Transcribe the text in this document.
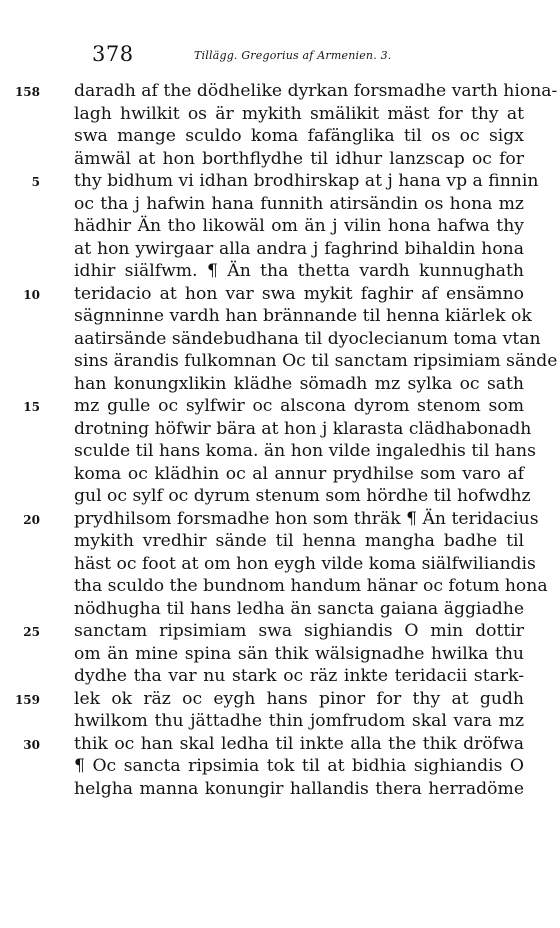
378	Tillägg. Gregorius af Armenien. 3.
158 daradh af the dödhelike dyrkan forsmadhe varth hiona-
lagh hwilkit os är mykith smälikit mäst for thy at
swa mange sculdo koma fafänglika til os oc sigx
ämwäl at hon borthflydhe til idhur lanzscap oc for
5 thy bidhum vi idhan brodhirskap at j hana vp a finnin
oc tha j hafwin hana funnith atirsändin os hona mz
hädhir Än tho likowäl om än j vilin hona hafwa thy
at hon ywirgaar alla andra j faghrind bihaldin hona
idhir siälfwm. ¶ Än tha thetta vardh kunnughath
10 teridacio at hon var swa mykit faghir af ensämno
sägnninne vardh han brännande til henna kiärlek ok
aatirsände sändebudhana til dyoclecianum toma vtan
sins ärandis fulkomnan Oc til sanctam ripsimiam sände
han konungxlikin klädhe sömadh mz sylka oc sath
15 mz gulle oc sylfwir oc alscona dyrom stenom som
drotning höfwir bära at hon j klarasta clädhabonadh
sculde til hans koma. än hon vilde ingaledhis til hans
koma oc klädhin oc al annur prydhilse som varo af
gul oc sylf oc dyrum stenum som hördhe til hofwdhz
20 prydhilsom forsmadhe hon som thräk ¶ Än teridacius
mykith vredhir sände til henna mangha badhe til
häst oc foot at om hon eygh vilde koma siälfwiliandis
tha sculdo the bundnom handum hänar oc fotum hona
nödhugha til hans ledha än sancta gaiana äggiadhe
25 sanctam ripsimiam swa sighiandis O min dottir
om än mine spina sän thik wälsignadhe hwilka thu
dydhe tha var nu stark oc räz inkte teridacii stark-
159 lek ok räz oc eygh hans pinor for thy at gudh
hwilkom thu jättadhe thin jomfrudom skal vara mz
30 thik oc han skal ledha til inkte alla the thik dröfwa
¶ Oc sancta ripsimia tok til at bidhia sighiandis O
helgha manna konungir hallandis thera herradöme
